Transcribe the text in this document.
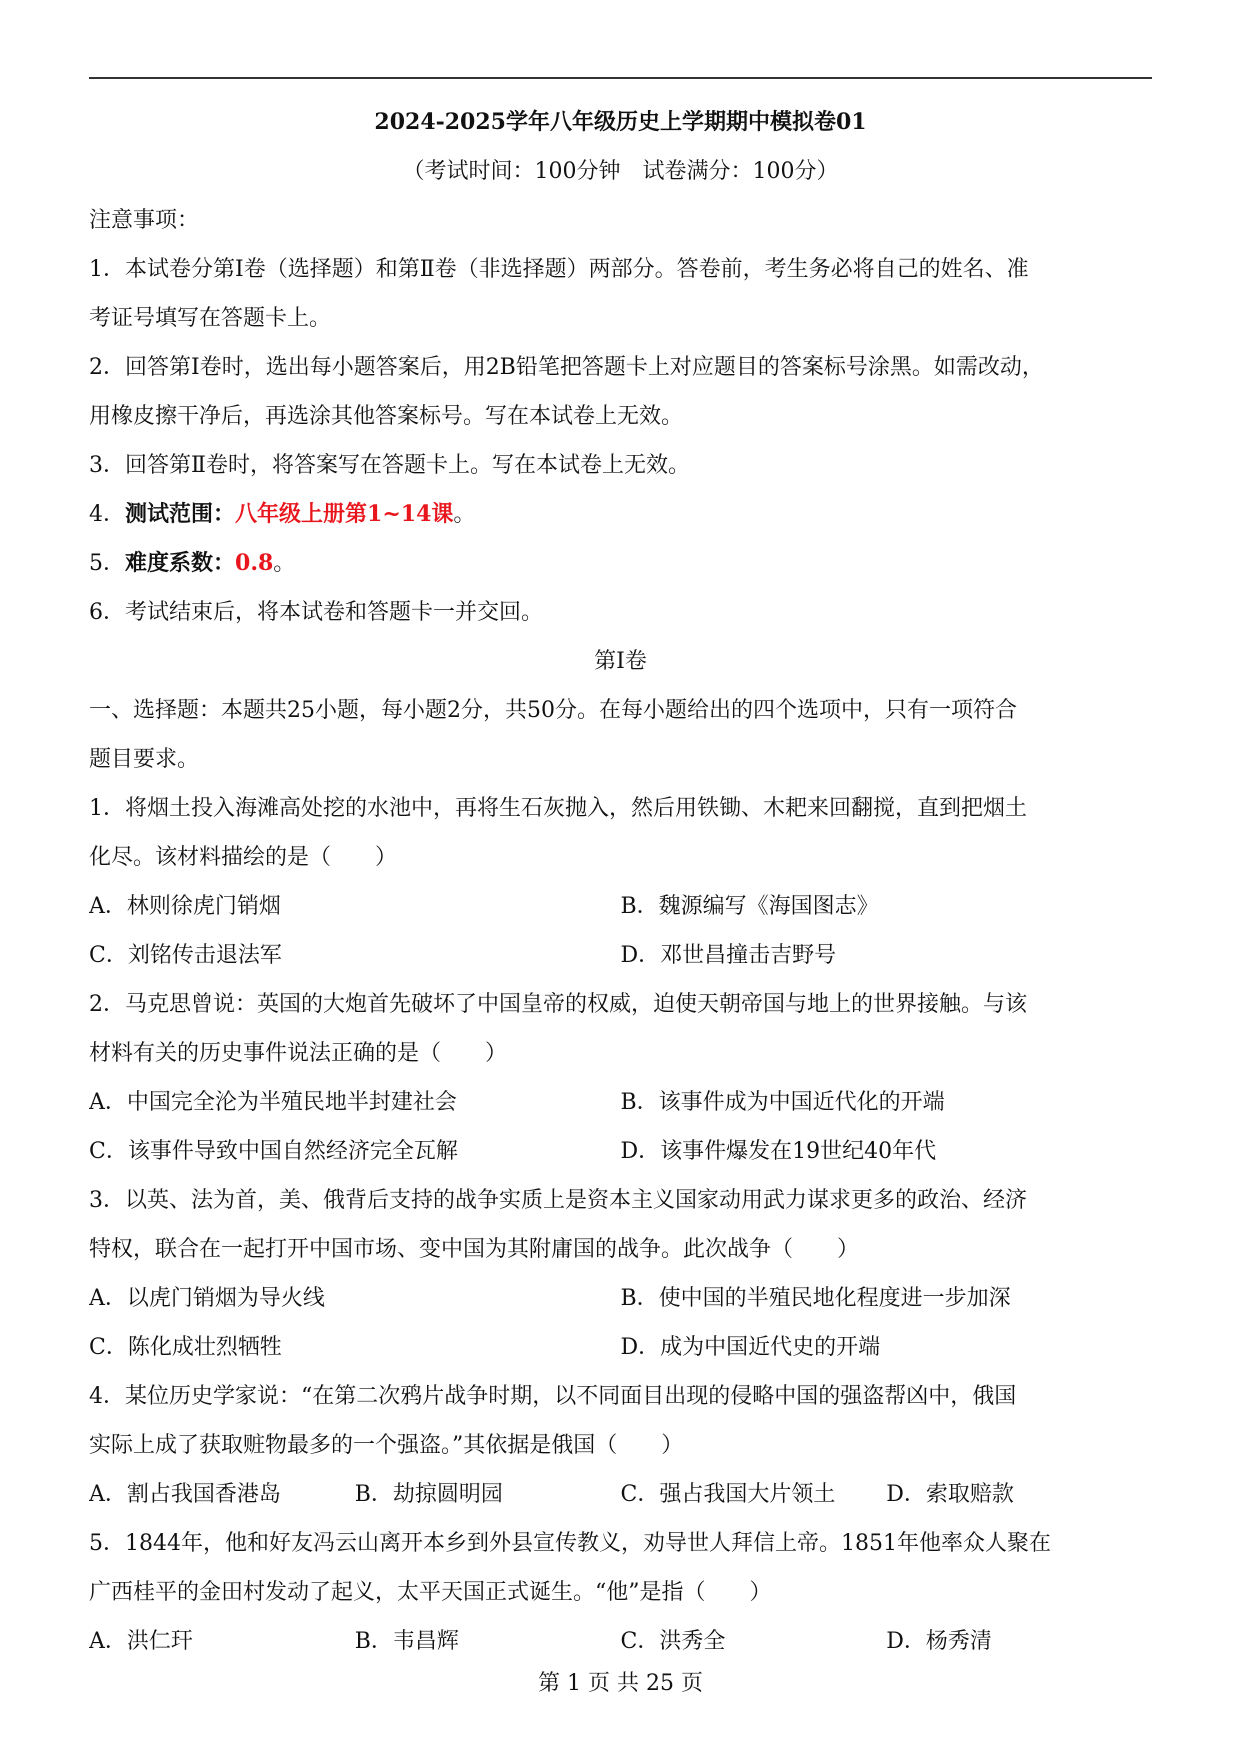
2024-2025学年八年级历史上学期期中模拟卷01
（考试时间：100分钟　试卷满分：100分）
注意事项：
1．本试卷分第Ⅰ卷（选择题）和第Ⅱ卷（非选择题）两部分。答卷前，考生务必将自己的姓名、准
考证号填写在答题卡上。
2．回答第Ⅰ卷时，选出每小题答案后，用2B铅笔把答题卡上对应题目的答案标号涂黑。如需改动，
用橡皮擦干净后，再选涂其他答案标号。写在本试卷上无效。
3．回答第Ⅱ卷时，将答案写在答题卡上。写在本试卷上无效。
4．测试范围：八年级上册第1~14课。
5．难度系数：0.8。
6．考试结束后，将本试卷和答题卡一并交回。
第Ⅰ卷
一、选择题：本题共25小题，每小题2分，共50分。在每小题给出的四个选项中，只有一项符合
题目要求。
1．将烟土投入海滩高处挖的水池中，再将生石灰抛入，然后用铁锄、木耙来回翻搅，直到把烟土
化尽。该材料描绘的是（　　）
A．林则徐虎门销烟	B．魏源编写《海国图志》
C．刘铭传击退法军	D．邓世昌撞击吉野号
2．马克思曾说：英国的大炮首先破坏了中国皇帝的权威，迫使天朝帝国与地上的世界接触。与该
材料有关的历史事件说法正确的是（　　）
A．中国完全沦为半殖民地半封建社会	B．该事件成为中国近代化的开端
C．该事件导致中国自然经济完全瓦解	D．该事件爆发在19世纪40年代
3．以英、法为首，美、俄背后支持的战争实质上是资本主义国家动用武力谋求更多的政治、经济
特权，联合在一起打开中国市场、变中国为其附庸国的战争。此次战争（　　）
A．以虎门销烟为导火线	B．使中国的半殖民地化程度进一步加深
C．陈化成壮烈牺牲	D．成为中国近代史的开端
4．某位历史学家说：“在第二次鸦片战争时期，以不同面目出现的侵略中国的强盗帮凶中，俄国
实际上成了获取赃物最多的一个强盗。”其依据是俄国（　　）
A．割占我国香港岛	B．劫掠圆明园	C．强占我国大片领土	D．索取赔款
5．1844年，他和好友冯云山离开本乡到外县宣传教义，劝导世人拜信上帝。1851年他率众人聚在
广西桂平的金田村发动了起义，太平天国正式诞生。“他”是指（　　）
A．洪仁玕	B．韦昌辉	C．洪秀全	D．杨秀清
第 1 页 共 25 页
